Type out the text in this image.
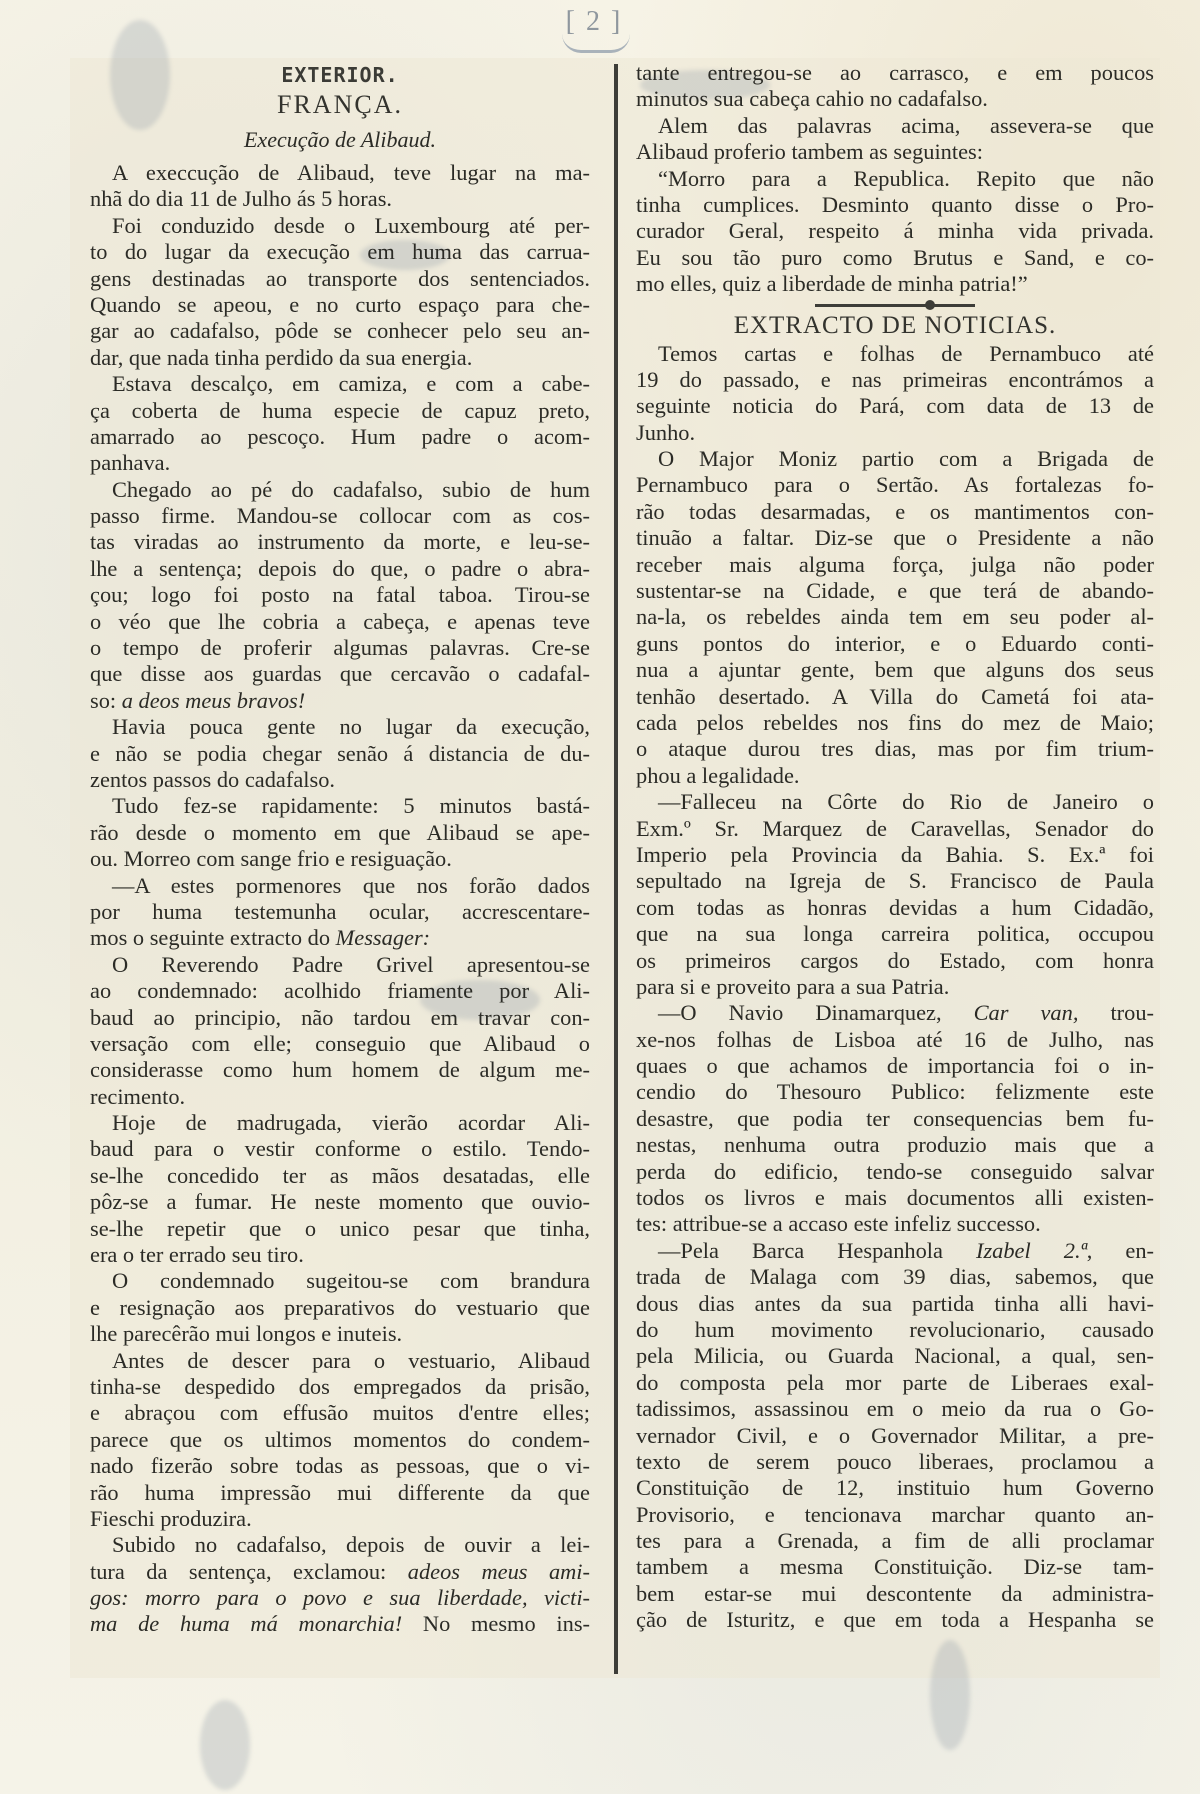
[ 2 ]
EXTERIOR.
FRANÇA.
Execução de Alibaud.
A execcução de Alibaud, teve lugar na ma-
nhã do dia 11 de Julho ás 5 horas.
Foi conduzido desde o Luxembourg até per-
to do lugar da execução em huma das carrua-
gens destinadas ao transporte dos sentenciados.
Quando se apeou, e no curto espaço para che-
gar ao cadafalso, pôde se conhecer pelo seu an-
dar, que nada tinha perdido da sua energia.
Estava descalço, em camiza, e com a cabe-
ça coberta de huma especie de capuz preto,
amarrado ao pescoço. Hum padre o acom-
panhava.
Chegado ao pé do cadafalso, subio de hum
passo firme. Mandou-se collocar com as cos-
tas viradas ao instrumento da morte, e leu-se-
lhe a sentença; depois do que, o padre o abra-
çou; logo foi posto na fatal taboa. Tirou-se
o véo que lhe cobria a cabeça, e apenas teve
o tempo de proferir algumas palavras. Cre-se
que disse aos guardas que cercavão o cadafal-
so: a deos meus bravos!
Havia pouca gente no lugar da execução,
e não se podia chegar senão á distancia de du-
zentos passos do cadafalso.
Tudo fez-se rapidamente: 5 minutos bastá-
rão desde o momento em que Alibaud se ape-
ou. Morreo com sange frio e resiguação.
—A estes pormenores que nos forão dados
por huma testemunha ocular, accrescentare-
mos o seguinte extracto do Messager:
O Reverendo Padre Grivel apresentou-se
ao condemnado: acolhido friamente por Ali-
baud ao principio, não tardou em travar con-
versação com elle; conseguio que Alibaud o
considerasse como hum homem de algum me-
recimento.
Hoje de madrugada, vierão acordar Ali-
baud para o vestir conforme o estilo. Tendo-
se-lhe concedido ter as mãos desatadas, elle
pôz-se a fumar. He neste momento que ouvio-
se-lhe repetir que o unico pesar que tinha,
era o ter errado seu tiro.
O condemnado sugeitou-se com brandura
e resignação aos preparativos do vestuario que
lhe parecêrão mui longos e inuteis.
Antes de descer para o vestuario, Alibaud
tinha-se despedido dos empregados da prisão,
e abraçou com effusão muitos d'entre elles;
parece que os ultimos momentos do condem-
nado fizerão sobre todas as pessoas, que o vi-
rão huma impressão mui differente da que
Fieschi produzira.
Subido no cadafalso, depois de ouvir a lei-
tura da sentença, exclamou: adeos meus ami-
gos: morro para o povo e sua liberdade, victi-
ma de huma má monarchia! No mesmo ins-
tante entregou-se ao carrasco, e em poucos
minutos sua cabeça cahio no cadafalso.
Alem das palavras acima, assevera-se que
Alibaud proferio tambem as seguintes:
“Morro para a Republica. Repito que não
tinha cumplices. Desminto quanto disse o Pro-
curador Geral, respeito á minha vida privada.
Eu sou tão puro como Brutus e Sand, e co-
mo elles, quiz a liberdade de minha patria!”
EXTRACTO DE NOTICIAS.
Temos cartas e folhas de Pernambuco até
19 do passado, e nas primeiras encontrámos a
seguinte noticia do Pará, com data de 13 de
Junho.
O Major Moniz partio com a Brigada de
Pernambuco para o Sertão. As fortalezas fo-
rão todas desarmadas, e os mantimentos con-
tinuão a faltar. Diz-se que o Presidente a não
receber mais alguma força, julga não poder
sustentar-se na Cidade, e que terá de abando-
na-la, os rebeldes ainda tem em seu poder al-
guns pontos do interior, e o Eduardo conti-
nua a ajuntar gente, bem que alguns dos seus
tenhão desertado. A Villa do Cametá foi ata-
cada pelos rebeldes nos fins do mez de Maio;
o ataque durou tres dias, mas por fim trium-
phou a legalidade.
—Falleceu na Côrte do Rio de Janeiro o
Exm.º Sr. Marquez de Caravellas, Senador do
Imperio pela Provincia da Bahia. S. Ex.ª foi
sepultado na Igreja de S. Francisco de Paula
com todas as honras devidas a hum Cidadão,
que na sua longa carreira politica, occupou
os primeiros cargos do Estado, com honra
para si e proveito para a sua Patria.
—O Navio Dinamarquez, Car van, trou-
xe-nos folhas de Lisboa até 16 de Julho, nas
quaes o que achamos de importancia foi o in-
cendio do Thesouro Publico: felizmente este
desastre, que podia ter consequencias bem fu-
nestas, nenhuma outra produzio mais que a
perda do edificio, tendo-se conseguido salvar
todos os livros e mais documentos alli existen-
tes: attribue-se a accaso este infeliz successo.
—Pela Barca Hespanhola Izabel 2.ª, en-
trada de Malaga com 39 dias, sabemos, que
dous dias antes da sua partida tinha alli havi-
do hum movimento revolucionario, causado
pela Milicia, ou Guarda Nacional, a qual, sen-
do composta pela mor parte de Liberaes exal-
tadissimos, assassinou em o meio da rua o Go-
vernador Civil, e o Governador Militar, a pre-
texto de serem pouco liberaes, proclamou a
Constituição de 12, instituio hum Governo
Provisorio, e tencionava marchar quanto an-
tes para a Grenada, a fim de alli proclamar
tambem a mesma Constituição. Diz-se tam-
bem estar-se mui descontente da administra-
ção de Isturitz, e que em toda a Hespanha se
